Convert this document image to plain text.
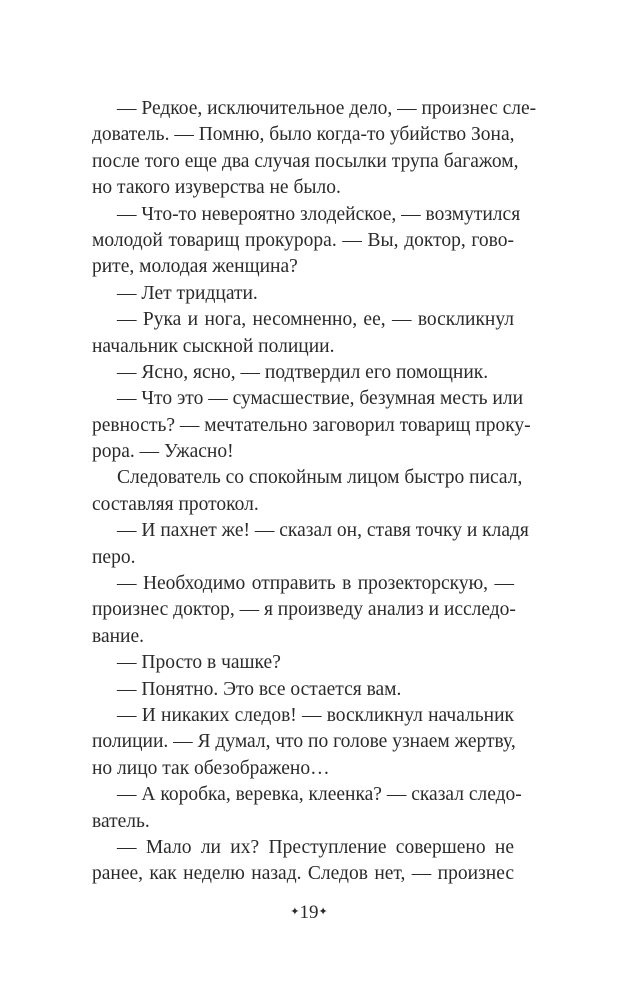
— Редкое, исключительное дело, — произнес сле-
дователь. — Помню, было когда-то убийство Зона,
после того еще два случая посылки трупа багажом,
но такого изуверства не было.
— Что-то невероятно злодейское, — возмутился
молодой товарищ прокурора. — Вы, доктор, гово-
рите, молодая женщина?
— Лет тридцати.
— Рука и нога, несомненно, ее, — воскликнул
начальник сыскной полиции.
— Ясно, ясно, — подтвердил его помощник.
— Что это — сумасшествие, безумная месть или
ревность? — мечтательно заговорил товарищ проку-
рора. — Ужасно!
Следователь со спокойным лицом быстро писал,
составляя протокол.
— И пахнет же! — сказал он, ставя точку и кладя
перо.
— Необходимо отправить в прозекторскую, —
произнес доктор, — я произведу анализ и исследо-
вание.
— Просто в чашке?
— Понятно. Это все остается вам.
— И никаких следов! — воскликнул начальник
полиции. — Я думал, что по голове узнаем жертву,
но лицо так обезображено…
— А коробка, веревка, клеенка? — сказал следо-
ватель.
— Мало ли их? Преступление совершено не
ранее, как неделю назад. Следов нет, — произнес
✦19✦
